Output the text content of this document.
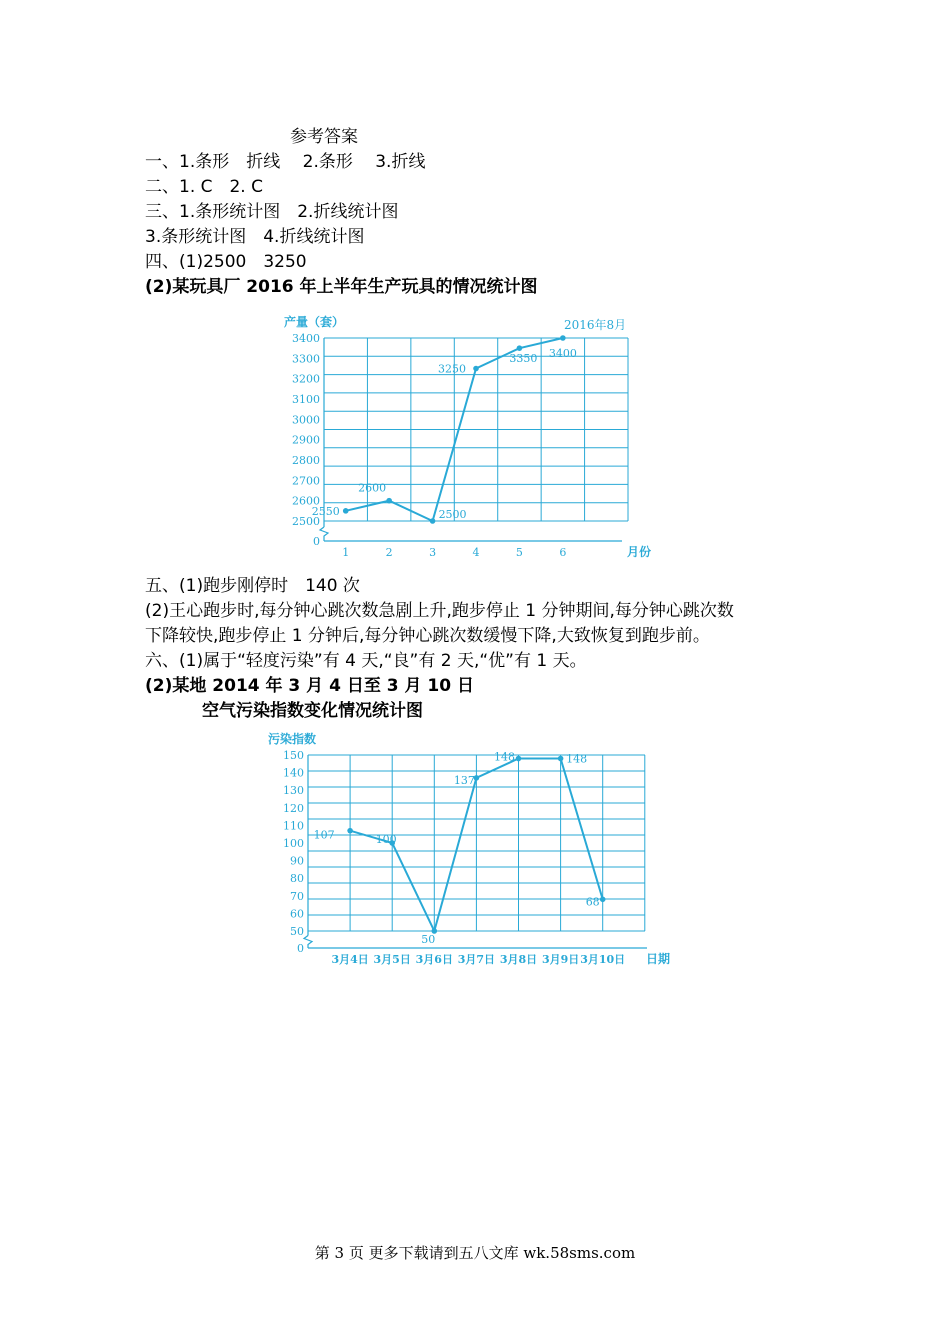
参考答案
一、1.条形　折线　 2.条形　 3.折线
二、1. C　2. C
三、1.条形统计图　2.折线统计图
3.条形统计图　4.折线统计图
四、(1)2500　3250
(2)某玩具厂 2016 年上半年生产玩具的情况统计图
0
2500
2600
2700
2800
2900
3000
3100
3200
3300
3400
1	2	3	4	5	6
产量（套）
月份
2550
2600
2500
3250
3350 3400
2016年8月
五、(1)跑步刚停时　140 次
(2)王心跑步时,每分钟心跳次数急剧上升,跑步停止 1 分钟期间,每分钟心跳次数
下降较快,跑步停止 1 分钟后,每分钟心跳次数缓慢下降,大致恢复到跑步前。
六、(1)属于“轻度污染”有 4 天,“良”有 2 天,“优”有 1 天。
(2)某地 2014 年 3 月 4 日至 3 月 10 日
空气污染指数变化情况统计图
0
50
60
70
80
90
100
110
120
130
140
150
3月4日 3月5日 3月6日 3月7日 3月8日 3月9日 3月10日
污染指数
日期
107	100
50
137
148	148
68
第 3 页 更多下载请到五八文库 wk.58sms.com
